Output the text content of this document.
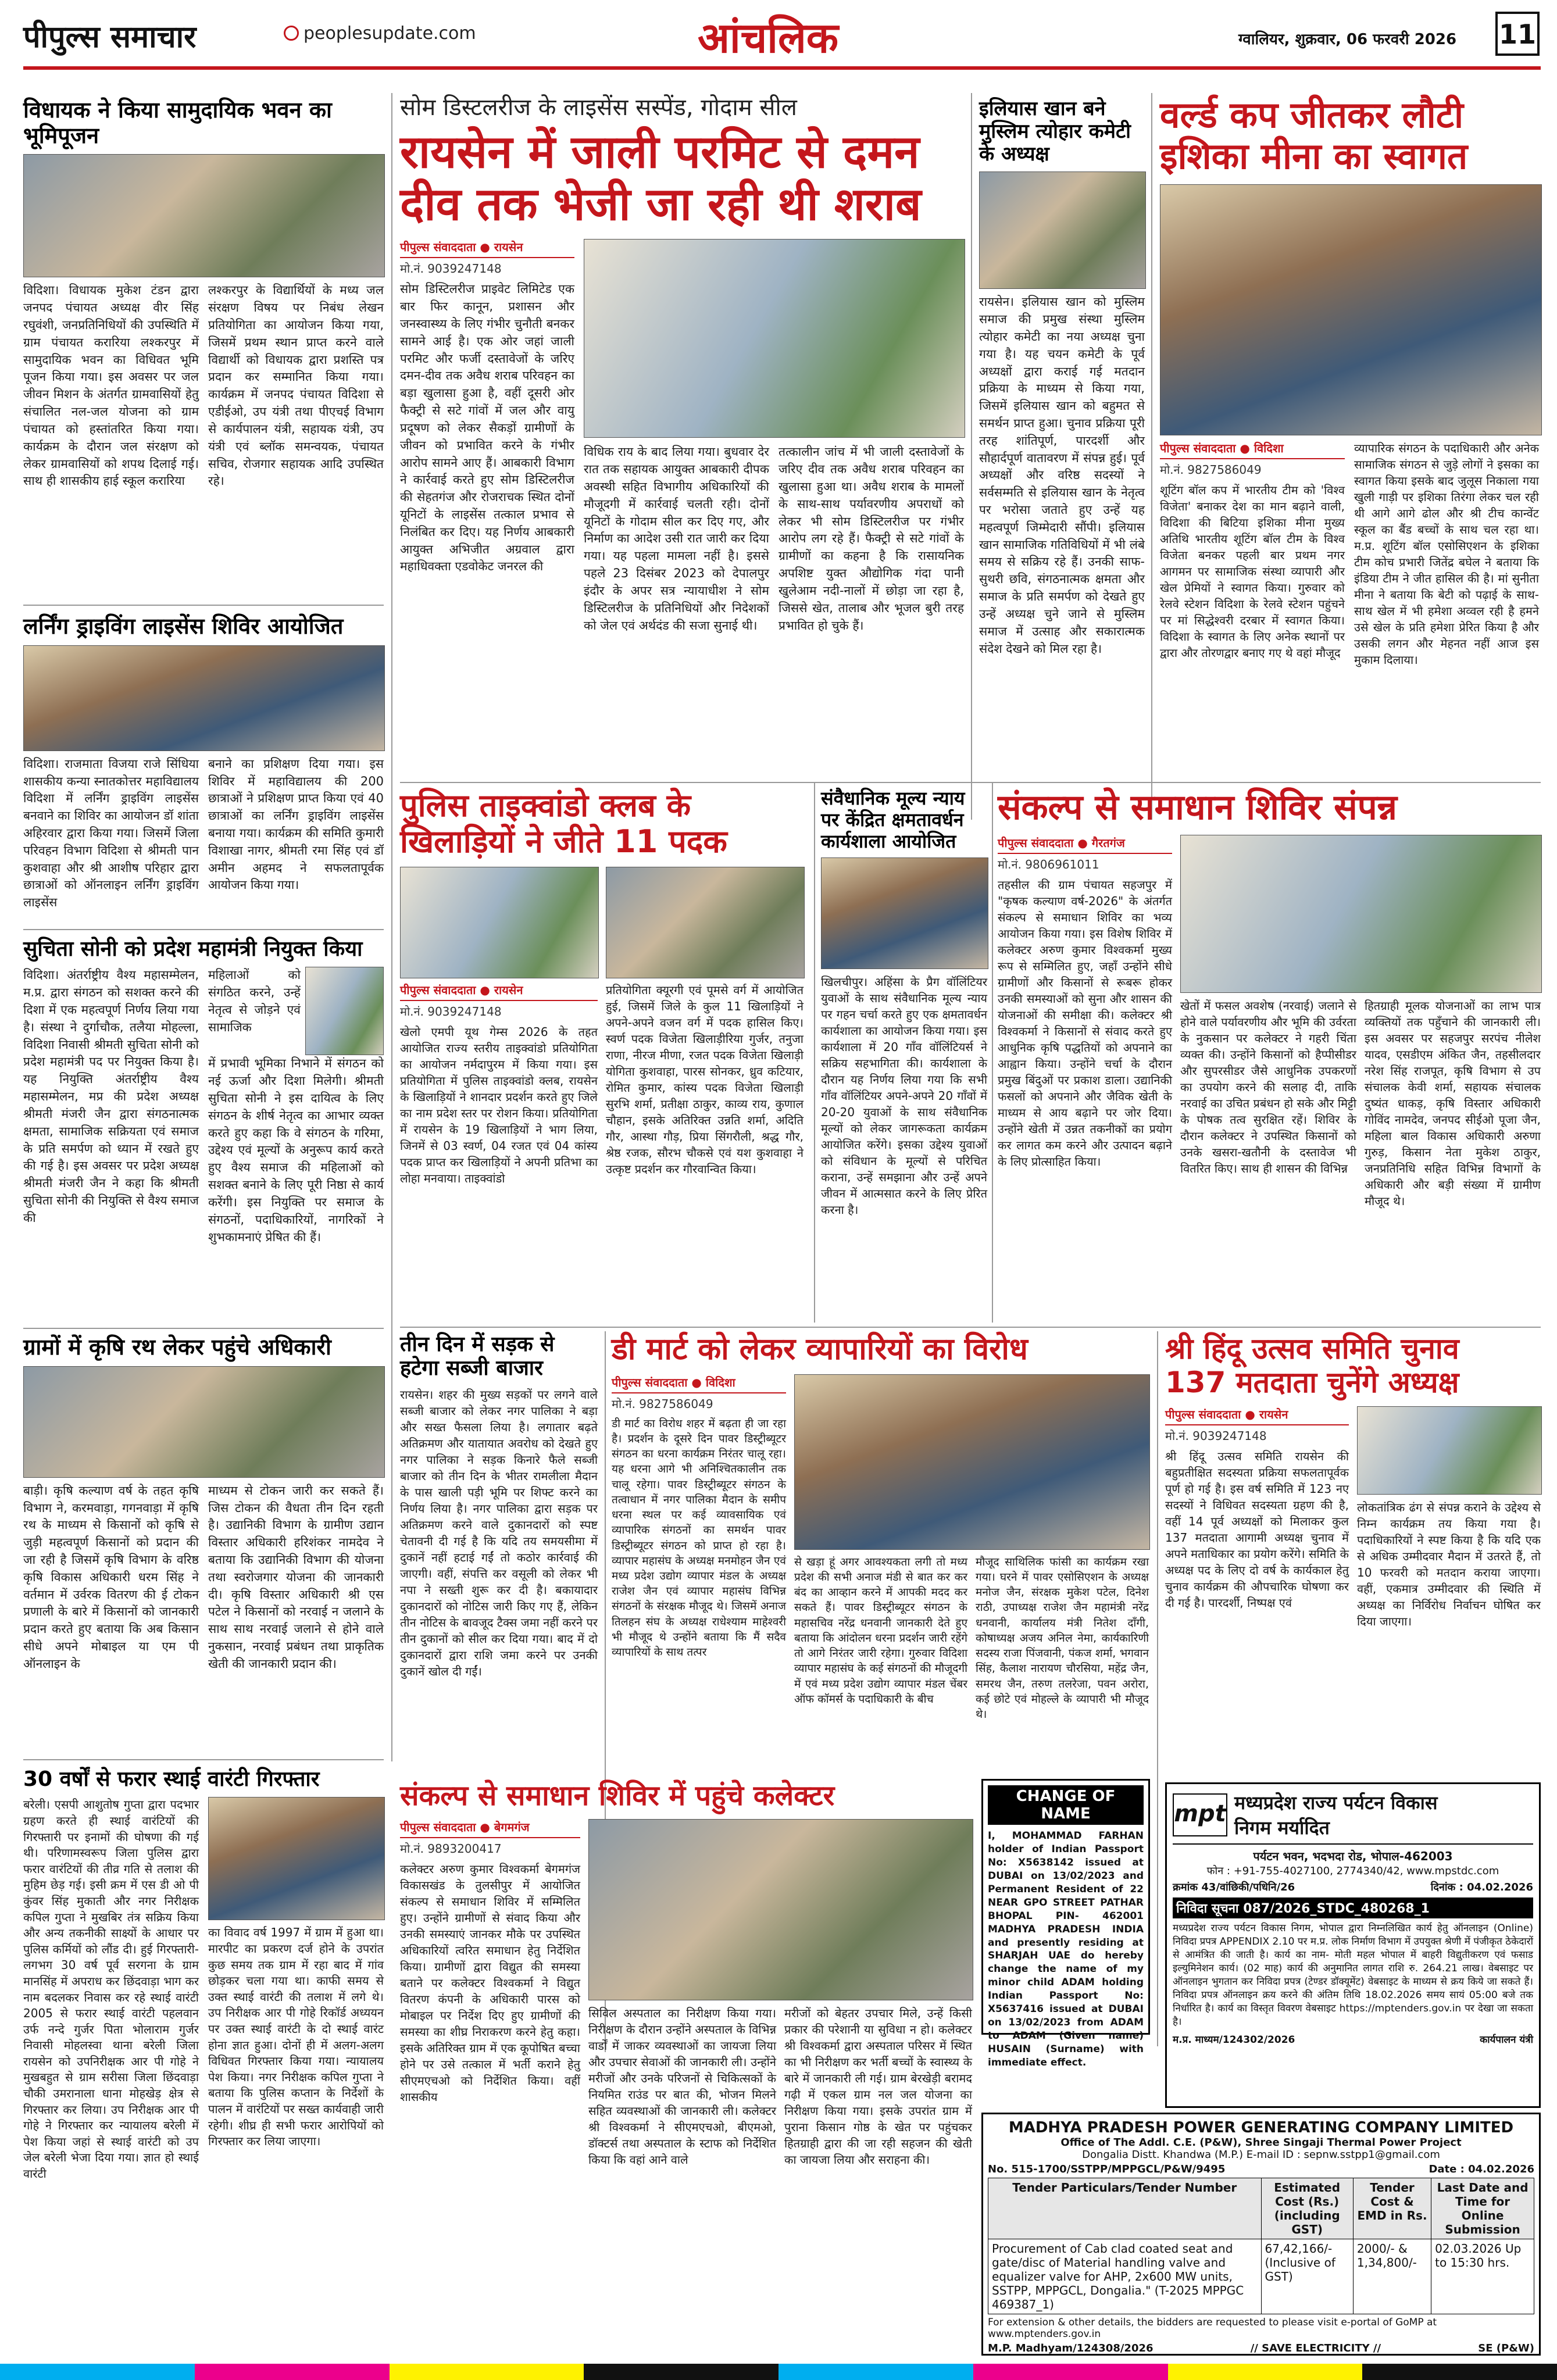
पीपुल्स समाचार	peoplesupdate.com	आंचलिक	ग्वालियर, शुक्रवार, 06 फरवरी 2026 11
विधायक ने किया सामुदायिक भवन का भूमिपूजन
विदिशा। विधायक मुकेश टंडन द्वारा जनपद पंचायत अध्यक्ष वीर सिंह रघुवंशी, जनप्रतिनिधियों की उपस्थिति में ग्राम पंचायत करारिया लश्करपुर में सामुदायिक भवन का विधिवत भूमि पूजन किया गया। इस अवसर पर जल जीवन मिशन के अंतर्गत ग्रामवासियों हेतु संचालित नल-जल योजना को ग्राम पंचायत को हस्तांतरित किया गया। कार्यक्रम के दौरान जल संरक्षण को लेकर ग्रामवासियों को शपथ दिलाई गई। साथ ही शासकीय हाई स्कूल करारिया
लश्करपुर के विद्यार्थियों के मध्य जल संरक्षण विषय पर निबंध लेखन प्रतियोगिता का आयोजन किया गया, जिसमें प्रथम स्थान प्राप्त करने वाले विद्यार्थी को विधायक द्वारा प्रशस्ति पत्र प्रदान कर सम्मानित किया गया। कार्यक्रम में जनपद पंचायत विदिशा से एडीईओ, उप यंत्री तथा पीएचई विभाग से कार्यपालन यंत्री, सहायक यंत्री, उप यंत्री एवं ब्लॉक समन्वयक, पंचायत सचिव, रोजगार सहायक आदि उपस्थित रहे।
लर्निंग ड्राइविंग लाइसेंस शिविर आयोजित
विदिशा। राजमाता विजया राजे सिंधिया शासकीय कन्या स्नातकोत्तर महाविद्यालय विदिशा में लर्निंग ड्राइविंग लाइसेंस बनवाने का शिविर का आयोजन डॉ शांता अहिरवार द्वारा किया गया। जिसमें जिला परिवहन विभाग विदिशा से श्रीमती पान कुशवाहा और श्री आशीष परिहार द्वारा छात्राओं को ऑनलाइन लर्निंग ड्राइविंग लाइसेंस
बनाने का प्रशिक्षण दिया गया। इस शिविर में महाविद्यालय की 200 छात्राओं ने प्रशिक्षण प्राप्त किया एवं 40 छात्राओं का लर्निंग ड्राइविंग लाइसेंस बनाया गया। कार्यक्रम की समिति कुमारी विशाखा नागर, श्रीमती रमा सिंह एवं डॉ अमीन अहमद ने सफलतापूर्वक आयोजन किया गया।
सुचिता सोनी को प्रदेश महामंत्री नियुक्त किया
विदिशा। अंतर्राष्ट्रीय वैश्य महासम्मेलन, म.प्र. द्वारा संगठन को सशक्त करने की दिशा में एक महत्वपूर्ण निर्णय लिया गया है। संस्था ने दुर्गाचौक, तलैया मोहल्ला, विदिशा निवासी श्रीमती सुचिता सोनी को प्रदेश महामंत्री पद पर नियुक्त किया है। यह नियुक्ति अंतर्राष्ट्रीय वैश्य महासम्मेलन, मप्र की प्रदेश अध्यक्ष श्रीमती मंजरी जैन द्वारा संगठनात्मक क्षमता, सामाजिक सक्रियता एवं समाज के प्रति समर्पण को ध्यान में रखते हुए की गई है। इस अवसर पर प्रदेश अध्यक्ष श्रीमती मंजरी जैन ने कहा कि श्रीमती सुचिता सोनी की नियुक्ति से वैश्य समाज की
महिलाओं को संगठित करने, उन्हें नेतृत्व से जोड़ने एवं सामाजिक
में प्रभावी भूमिका निभाने में संगठन को नई ऊर्जा और दिशा मिलेगी। श्रीमती सुचिता सोनी ने इस दायित्व के लिए संगठन के शीर्ष नेतृत्व का आभार व्यक्त करते हुए कहा कि वे संगठन के गरिमा, उद्देश्य एवं मूल्यों के अनुरूप कार्य करते हुए वैश्य समाज की महिलाओं को सशक्त बनाने के लिए पूरी निष्ठा से कार्य करेंगी। इस नियुक्ति पर समाज के संगठनों, पदाधिकारियों, नागरिकों ने शुभकामनाएं प्रेषित की हैं।
ग्रामों में कृषि रथ लेकर पहुंचे अधिकारी
बाड़ी। कृषि कल्याण वर्ष के तहत कृषि विभाग ने, करमवाड़ा, गगनवाड़ा में कृषि रथ के माध्यम से किसानों को कृषि से जुड़ी महत्वपूर्ण किसानों को प्रदान की जा रही है जिसमें कृषि विभाग के वरिष्ठ कृषि विकास अधिकारी धरम सिंह ने वर्तमान में उर्वरक वितरण की ई टोकन प्रणाली के बारे में किसानों को जानकारी प्रदान करते हुए बताया कि अब किसान सीधे अपने मोबाइल या एम पी ऑनलाइन के
माध्यम से टोकन जारी कर सकते हैं। जिस टोकन की वैधता तीन दिन रहती है। उद्यानिकी विभाग के ग्रामीण उद्यान विस्तार अधिकारी हरिशंकर नामदेव ने बताया कि उद्यानिकी विभाग की योजना तथा स्वरोजगार योजना की जानकारी दी। कृषि विस्तार अधिकारी श्री एस पटेल ने किसानों को नरवाई न जलाने के साथ साथ नरवाई जलाने से होने वाले नुकसान, नरवाई प्रबंधन तथा प्राकृतिक खेती की जानकारी प्रदान की।
30 वर्षों से फरार स्थाई वारंटी गिरफ्तार
बरेली। एसपी आशुतोष गुप्ता द्वारा पदभार ग्रहण करते ही स्थाई वारंटियों की गिरफ्तारी पर इनामों की घोषणा की गई थी। परिणामस्वरूप जिला पुलिस द्वारा फरार वारंटियों की तीव्र गति से तलाश की मुहिम छेड़ गई। इसी क्रम में एस डी ओ पी कुंवर सिंह मुकाती और नगर निरीक्षक कपिल गुप्ता ने मुखबिर तंत्र सक्रिय किया और अन्य तकनीकी साक्ष्यों के आधार पर पुलिस कर्मियों को लौंड दी। हुई गिरफ्तारी- लगभग 30 वर्ष पूर्व सरगना के ग्राम मानसिंह में अपराध कर छिंदवाड़ा भाग कर नाम बदलकर निवास कर रहे स्थाई वारंटी 2005 से फरार स्थाई वारंटी पहलवान उर्फ नन्दे गुर्जर पिता भोलाराम गुर्जर निवासी मोहलस्वा थाना बरेली जिला रायसेन को उपनिरीक्षक आर पी गोहे ने मुखबहुत से ग्राम सरीसा जिला छिंदवाड़ा चौकी उमरानाला धाना मोहखेड़ क्षेत्र से गिरफ्तार कर लिया। उप निरीक्षक आर पी गोहे ने गिरफ्तार कर न्यायालय बरेली में पेश किया जहां से स्थाई वारंटी को उप जेल बरेली भेजा दिया गया। ज्ञात हो स्थाई वारंटी
का विवाद वर्ष 1997 में ग्राम में हुआ था। मारपीट का प्रकरण दर्ज होने के उपरांत कुछ समय तक ग्राम में रहा बाद में गांव छोड़कर चला गया था। काफी समय से उक्त स्थाई वारंटी की तलाश में लगे थे। उप निरीक्षक आर पी गोहे रिकॉर्ड अध्ययन पर उक्त स्थाई वारंटी के दो स्थाई वारंट होना ज्ञात हुआ। दोनों ही में अलग-अलग विधिवत गिरफ्तार किया गया। न्यायालय पेश किया। नगर निरीक्षक कपिल गुप्ता ने बताया कि पुलिस कप्तान के निर्देशों के पालन में वारंटियों पर सख्त कार्यवाही जारी रहेगी। शीघ्र ही सभी फरार आरोपियों को गिरफ्तार कर लिया जाएगा।
सोम डिस्टलरीज के लाइसेंस सस्पेंड, गोदाम सील
रायसेन में जाली परमिट से दमन
दीव तक भेजी जा रही थी शराब
पीपुल्स संवाददाता ● रायसेन
मो.नं. 9039247148
सोम डिस्टिलरीज प्राइवेट लिमिटेड एक बार फिर कानून, प्रशासन और जनस्वास्थ्य के लिए गंभीर चुनौती बनकर सामने आई है। एक ओर जहां जाली परमिट और फर्जी दस्तावेजों के जरिए दमन-दीव तक अवैध शराब परिवहन का बड़ा खुलासा हुआ है, वहीं दूसरी ओर फैक्ट्री से सटे गांवों में जल और वायु प्रदूषण को लेकर सैकड़ों ग्रामीणों के जीवन को प्रभावित करने के गंभीर आरोप सामने आए हैं। आबकारी विभाग ने कार्रवाई करते हुए सोम डिस्टिलरीज की सेहतगंज और रोजराचक स्थित दोनों यूनिटों के लाइसेंस तत्काल प्रभाव से निलंबित कर दिए। यह निर्णय आबकारी आयुक्त अभिजीत अग्रवाल द्वारा महाधिवक्ता एडवोकेट जनरल की
विधिक राय के बाद लिया गया। बुधवार देर रात तक सहायक आयुक्त आबकारी दीपक अवस्थी सहित विभागीय अधिकारियों की मौजूदगी में कार्रवाई चलती रही। दोनों यूनिटों के गोदाम सील कर दिए गए, और निर्माण का आदेश उसी रात जारी कर दिया गया। यह पहला मामला नहीं है। इससे पहले 23 दिसंबर 2023 को देपालपुर इंदौर के अपर सत्र न्यायाधीश ने सोम डिस्टिलरीज के प्रतिनिधियों और निदेशकों को जेल एवं अर्थदंड की सजा सुनाई थी।
तत्कालीन जांच में भी जाली दस्तावेजों के जरिए दीव तक अवैध शराब परिवहन का खुलासा हुआ था। अवैध शराब के मामलों के साथ-साथ पर्यावरणीय अपराधों को लेकर भी सोम डिस्टिलरीज पर गंभीर आरोप लग रहे हैं। फैक्ट्री से सटे गांवों के ग्रामीणों का कहना है कि रासायनिक अपशिष्ट युक्त औद्योगिक गंदा पानी खुलेआम नदी-नालों में छोड़ा जा रहा है, जिससे खेत, तालाब और भूजल बुरी तरह प्रभावित हो चुके हैं।
इलियास खान बने मुस्लिम त्योहार कमेटी के अध्यक्ष
रायसेन। इलियास खान को मुस्लिम समाज की प्रमुख संस्था मुस्लिम त्योहार कमेटी का नया अध्यक्ष चुना गया है। यह चयन कमेटी के पूर्व अध्यक्षों द्वारा कराई गई मतदान प्रक्रिया के माध्यम से किया गया, जिसमें इलियास खान को बहुमत से समर्थन प्राप्त हुआ। चुनाव प्रक्रिया पूरी तरह शांतिपूर्ण, पारदर्शी और सौहार्दपूर्ण वातावरण में संपन्न हुई। पूर्व अध्यक्षों और वरिष्ठ सदस्यों ने सर्वसम्मति से इलियास खान के नेतृत्व पर भरोसा जताते हुए उन्हें यह महत्वपूर्ण जिम्मेदारी सौंपी। इलियास खान सामाजिक गतिविधियों में भी लंबे समय से सक्रिय रहे हैं। उनकी साफ-सुथरी छवि, संगठनात्मक क्षमता और समाज के प्रति समर्पण को देखते हुए उन्हें अध्यक्ष चुने जाने से मुस्लिम समाज में उत्साह और सकारात्मक संदेश देखने को मिल रहा है।
वर्ल्ड कप जीतकर लौटी
इशिका मीना का स्वागत
पीपुल्स संवाददाता ● विदिशा
मो.नं. 9827586049
शूटिंग बॉल कप में भारतीय टीम को 'विश्व विजेता' बनाकर देश का मान बढ़ाने वाली, विदिशा की बिटिया इशिका मीना मुख्य अतिथि भारतीय शूटिंग बॉल टीम के विश्व विजेता बनकर पहली बार प्रथम नगर आगमन पर सामाजिक संस्था व्यापारी और खेल प्रेमियों ने स्वागत किया। गुरुवार को रेलवे स्टेशन विदिशा के रेलवे स्टेशन पहुंचने पर मां सिद्धेश्वरी दरबार में स्वागत किया। विदिशा के स्वागत के लिए अनेक स्थानों पर द्वारा और तोरणद्वार बनाए गए थे वहां मौजूद
व्यापारिक संगठन के पदाधिकारी और अनेक सामाजिक संगठन से जुड़े लोगों ने इसका का स्वागत किया इसके बाद जुलूस निकाला गया खुली गाड़ी पर इशिका तिरंगा लेकर चल रही थी आगे आगे ढोल और श्री टीच कान्वेंट स्कूल का बैंड बच्चों के साथ चल रहा था। म.प्र. शूटिंग बॉल एसोसिएशन के इशिका टीम कोच प्रभारी जितेंद्र बघेल ने बताया कि इंडिया टीम ने जीत हासिल की है। मां सुनीता मीना ने बताया कि बेटी को पढ़ाई के साथ-साथ खेल में भी हमेशा अव्वल रही है हमने उसे खेल के प्रति हमेशा प्रेरित किया है और उसकी लगन और मेहनत नहीं आज इस मुकाम दिलाया।
पुलिस ताइक्वांडो क्लब के
खिलाड़ियों ने जीते 11 पदक
पीपुल्स संवाददाता ● रायसेन
मो.नं. 9039247148
खेलो एमपी यूथ गेम्स 2026 के तहत आयोजित राज्य स्तरीय ताइक्वांडो प्रतियोगिता का आयोजन नर्मदापुरम में किया गया। इस प्रतियोगिता में पुलिस ताइक्वांडो क्लब, रायसेन के खिलाड़ियों ने शानदार प्रदर्शन करते हुए जिले का नाम प्रदेश स्तर पर रोशन किया। प्रतियोगिता में रायसेन के 19 खिलाड़ियों ने भाग लिया, जिनमें से 03 स्वर्ण, 04 रजत एवं 04 कांस्य पदक प्राप्त कर खिलाड़ियों ने अपनी प्रतिभा का लोहा मनवाया। ताइक्वांडो
प्रतियोगिता क्यूरगी एवं पूमसे वर्ग में आयोजित हुई, जिसमें जिले के कुल 11 खिलाड़ियों ने अपने-अपने वजन वर्ग में पदक हासिल किए। स्वर्ण पदक विजेता खिलाड़ीरिया गुर्जर, तनुजा राणा, नीरज मीणा, रजत पदक विजेता खिलाड़ी योगिता कुशवाहा, पारस सोनकर, ध्रुव कटियार, रोमित कुमार, कांस्य पदक विजेता खिलाड़ी सुरभि शर्मा, प्रतीक्षा ठाकुर, काव्य राय, कुणाल चौहान, इसके अतिरिक्त उन्नति शर्मा, अदिति गौर, आस्था गौड़, प्रिया सिंगरौली, श्रद्ध गौर, श्रेष्ठ रजक, सौरभ चौकसे एवं यश कुशवाहा ने उत्कृष्ट प्रदर्शन कर गौरवान्वित किया।
संवैधानिक मूल्य न्याय पर केंद्रित क्षमतावर्धन कार्यशाला आयोजित
खिलचीपुर। अहिंसा के प्रैग वॉलिंटियर युवाओं के साथ संवैधानिक मूल्य न्याय पर गहन चर्चा करते हुए एक क्षमतावर्धन कार्यशाला का आयोजन किया गया। इस कार्यशाला में 20 गाँव वॉलिंटियर्स ने सक्रिय सहभागिता की। कार्यशाला के दौरान यह निर्णय लिया गया कि सभी गाँव वॉलिंटियर अपने-अपने 20 गाँवों में 20-20 युवाओं के साथ संवैधानिक मूल्यों को लेकर जागरूकता कार्यक्रम आयोजित करेंगे। इसका उद्देश्य युवाओं को संविधान के मूल्यों से परिचित कराना, उन्हें समझाना और उन्हें अपने जीवन में आत्मसात करने के लिए प्रेरित करना है।
संकल्प से समाधान शिविर संपन्न
पीपुल्स संवाददाता ● गैरतगंज
मो.नं. 9806961011
तहसील की ग्राम पंचायत सहजपुर में "कृषक कल्याण वर्ष-2026" के अंतर्गत संकल्प से समाधान शिविर का भव्य आयोजन किया गया। इस विशेष शिविर में कलेक्टर अरुण कुमार विश्वकर्मा मुख्य रूप से सम्मिलित हुए, जहाँ उन्होंने सीधे ग्रामीणों और किसानों से रूबरू होकर उनकी समस्याओं को सुना और शासन की योजनाओं की समीक्षा की। कलेक्टर श्री विश्वकर्मा ने किसानों से संवाद करते हुए आधुनिक कृषि पद्धतियों को अपनाने का आह्वान किया। उन्होंने चर्चा के दौरान प्रमुख बिंदुओं पर प्रकाश डाला। उद्यानिकी फसलों को अपनाने और जैविक खेती के माध्यम से आय बढ़ाने पर जोर दिया। उन्होंने खेती में उन्नत तकनीकों का प्रयोग कर लागत कम करने और उत्पादन बढ़ाने के लिए प्रोत्साहित किया।
खेतों में फसल अवशेष (नरवाई) जलाने से होने वाले पर्यावरणीय और भूमि की उर्वरता के नुकसान पर कलेक्टर ने गहरी चिंता व्यक्त की। उन्होंने किसानों को हैप्पीसीडर और सुपरसीडर जैसे आधुनिक उपकरणों का उपयोग करने की सलाह दी, ताकि नरवाई का उचित प्रबंधन हो सके और मिट्टी के पोषक तत्व सुरक्षित रहें। शिविर के दौरान कलेक्टर ने उपस्थित किसानों को उनके खसरा-खतौनी के दस्तावेज भी वितरित किए। साथ ही शासन की विभिन्न
हितग्राही मूलक योजनाओं का लाभ पात्र व्यक्तियों तक पहुँचाने की जानकारी ली। इस अवसर पर सहजपुर सरपंच नीलेश यादव, एसडीएम अंकित जैन, तहसीलदार नरेश सिंह राजपूत, कृषि विभाग से उप संचालक केवी शर्मा, सहायक संचालक दुष्यंत धाकड़, कृषि विस्तार अधिकारी गोविंद नामदेव, जनपद सीईओ पूजा जैन, महिला बाल विकास अधिकारी अरुणा गुरुड़, किसान नेता मुकेश ठाकुर, जनप्रतिनिधि सहित विभिन्न विभागों के अधिकारी और बड़ी संख्या में ग्रामीण मौजूद थे।
तीन दिन में सड़क से
हटेगा सब्जी बाजार
रायसेन। शहर की मुख्य सड़कों पर लगने वाले सब्जी बाजार को लेकर नगर पालिका ने बड़ा और सख्त फैसला लिया है। लगातार बढ़ते अतिक्रमण और यातायात अवरोध को देखते हुए नगर पालिका ने सड़क किनारे फैले सब्जी बाजार को तीन दिन के भीतर रामलीला मैदान के पास खाली पड़ी भूमि पर शिफ्ट करने का निर्णय लिया है। नगर पालिका द्वारा सड़क पर अतिक्रमण करने वाले दुकानदारों को स्पष्ट चेतावनी दी गई है कि यदि तय समयसीमा में दुकानें नहीं हटाई गईं तो कठोर कार्रवाई की जाएगी। वहीं, संपत्ति कर वसूली को लेकर भी नपा ने सख्ती शुरू कर दी है। बकायादार दुकानदारों को नोटिस जारी किए गए हैं, लेकिन तीन नोटिस के बावजूद टैक्स जमा नहीं करने पर तीन दुकानों को सील कर दिया गया। बाद में दो दुकानदारों द्वारा राशि जमा करने पर उनकी दुकानें खोल दी गईं।
डी मार्ट को लेकर व्यापारियों का विरोध
पीपुल्स संवाददाता ● विदिशा
मो.नं. 9827586049
डी मार्ट का विरोध शहर में बढ़ता ही जा रहा है। प्रदर्शन के दूसरे दिन पावर डिस्ट्रीब्यूटर संगठन का धरना कार्यक्रम निरंतर चालू रहा। यह धरना आगे भी अनिश्चितकालीन तक चालू रहेगा। पावर डिस्ट्रीब्यूटर संगठन के तत्वाधान में नगर पालिका मैदान के समीप धरना स्थल पर कई व्यावसायिक एवं व्यापारिक संगठनों का समर्थन पावर डिस्ट्रीब्यूटर संगठन को प्राप्त हो रहा है। व्यापार महासंघ के अध्यक्ष मनमोहन जैन एवं मध्य प्रदेश उद्योग व्यापार मंडल के अध्यक्ष राजेश जैन एवं व्यापार महासंघ विभिन्न संगठनों के संरक्षक मौजूद थे। जिसमें अनाज तिलहन संघ के अध्यक्ष राधेश्याम माहेश्वरी भी मौजूद थे उन्होंने बताया कि मैं सदैव व्यापारियों के साथ तत्पर
से खड़ा हूं अगर आवश्यकता लगी तो मध्य प्रदेश की सभी अनाज मंडी से बात कर कर बंद का आव्हान करने में आपकी मदद कर सकते हैं। पावर डिस्ट्रीब्यूटर संगठन के महासचिव नरेंद्र धनवानी जानकारी देते हुए बताया कि आंदोलन धरना प्रदर्शन जारी रहेंगे तो आगे निरंतर जारी रहेगा। गुरुवार विदिशा व्यापार महासंघ के कई संगठनों की मौजूदगी में एवं मध्य प्रदेश उद्योग व्यापार मंडल चेंबर ऑफ कॉमर्स के पदाधिकारी के बीच
मौजूद साथिलिक फांसी का कार्यक्रम रखा गया। घरने में पावर एसोसिएशन के अध्यक्ष मनोज जैन, संरक्षक मुकेश पटेल, दिनेश राठी, उपाध्यक्ष राजेश जैन महामंत्री नरेंद्र धनवानी, कार्यालय मंत्री नितेश दाँगी, कोषाध्यक्ष अजय अनिल नेमा, कार्यकारिणी सदस्य राजा पिंजवानी, पंकज शर्मा, भगवान सिंह, कैलाश नारायण चौरसिया, महेंद्र जैन, समरथ जैन, तरुण तलरेजा, पवन अरोरा, कई छोटे एवं मोहल्ले के व्यापारी भी मौजूद थे।
श्री हिंदू उत्सव समिति चुनाव
137 मतदाता चुनेंगे अध्यक्ष
पीपुल्स संवाददाता ● रायसेन
मो.नं. 9039247148
श्री हिंदू उत्सव समिति रायसेन की बहुप्रतीक्षित सदस्यता प्रक्रिया सफलतापूर्वक पूर्ण हो गई है। इस वर्ष समिति में 123 नए सदस्यों ने विधिवत सदस्यता ग्रहण की है, वहीं 14 पूर्व अध्यक्षों को मिलाकर कुल 137 मतदाता आगामी अध्यक्ष चुनाव में अपने मताधिकार का प्रयोग करेंगे। समिति के अध्यक्ष पद के लिए दो वर्ष के कार्यकाल हेतु चुनाव कार्यक्रम की औपचारिक घोषणा कर दी गई है। पारदर्शी, निष्पक्ष एवं
लोकतांत्रिक ढंग से संपन्न कराने के उद्देश्य से निम्न कार्यक्रम तय किया गया है। पदाधिकारियों ने स्पष्ट किया है कि यदि एक से अधिक उम्मीदवार मैदान में उतरते हैं, तो 10 फरवरी को मतदान कराया जाएगा। वहीं, एकमात्र उम्मीदवार की स्थिति में अध्यक्ष का निर्विरोध निर्वाचन घोषित कर दिया जाएगा।
संकल्प से समाधान शिविर में पहुंचे कलेक्टर
पीपुल्स संवाददाता ● बेगमगंज
मो.नं. 9893200417
कलेक्टर अरुण कुमार विश्वकर्मा बेगमगंज विकासखंड के तुलसीपुर में आयोजित संकल्प से समाधान शिविर में सम्मिलित हुए। उन्होंने ग्रामीणों से संवाद किया और उनकी समस्याएं जानकर मौके पर उपस्थित अधिकारियों त्वरित समाधान हेतु निर्देशित किया। ग्रामीणों द्वारा विद्युत की समस्या बताने पर कलेक्टर विश्वकर्मा ने विद्युत वितरण कंपनी के अधिकारी पारस को मोबाइल पर निर्देश दिए हुए ग्रामीणों की समस्या का शीघ्र निराकरण करने हेतु कहा। इसके अतिरिक्त ग्राम में एक कूपोषित बच्चा होने पर उसे तत्काल में भर्ती कराने हेतु सीएमएचओ को निर्देशित किया। वहीं शासकीय
सिविल अस्पताल का निरीक्षण किया गया। निरीक्षण के दौरान उन्होंने अस्पताल के विभिन्न वार्डों में जाकर व्यवस्थाओं का जायजा लिया और उपचार सेवाओं की जानकारी ली। उन्होंने मरीजों और उनके परिजनों से चिकित्सकों के नियमित राउंड पर बात की, भोजन मिलने सहित व्यवस्थाओं की जानकारी ली। कलेक्टर श्री विश्वकर्मा ने सीएमएचओ, बीएमओ, डॉक्टर्स तथा अस्पताल के स्टाफ को निर्देशित किया कि वहां आने वाले
मरीजों को बेहतर उपचार मिले, उन्हें किसी प्रकार की परेशानी या सुविधा न हो। कलेक्टर श्री विश्वकर्मा द्वारा अस्पताल परिसर में स्थित का भी निरीक्षण कर भर्ती बच्चों के स्वास्थ्य के बारे में जानकारी ली गई। ग्राम बेरखेड़ी बरामद गढ़ी में एकल ग्राम नल जल योजना का निरीक्षण किया गया। इसके उपरांत ग्राम में पुराना किसान गोष्ठ के खेत पर पहुंचकर हितग्राही द्वारा की जा रही सहजन की खेती का जायजा लिया और सराहना की।
CHANGE OF NAME
I, MOHAMMAD FARHAN holder of Indian Passport No: X5638142 issued at DUBAI on 13/02/2023 and Permanent Resident of 22 NEAR GPO STREET PATHAR BHOPAL PIN- 462001 MADHYA PRADESH INDIA and presently residing at SHARJAH UAE do hereby change the name of my minor child ADAM holding Indian Passport No: X5637416 issued at DUBAI on 13/02/2023 from ADAM to ADAM (Given name) HUSAIN (Surname) with immediate effect.
mpt मध्यप्रदेश राज्य पर्यटन विकास
निगम मर्यादित
पर्यटन भवन, भदभदा रोड, भोपाल-462003
फोन : +91-755-4027100, 2774340/42, www.mpstdc.com
क्रमांक 43/वांछिकी/पधिनि/26	दिनांक : 04.02.2026
निविदा सूचना 087/2026_STDC_480268_1
मध्यप्रदेश राज्य पर्यटन विकास निगम, भोपाल द्वारा निम्नलिखित कार्य हेतु ऑनलाइन (Online) निविदा प्रपत्र APPENDIX 2.10 पर म.प्र. लोक निर्माण विभाग में उपयुक्त श्रेणी में पंजीकृत ठेकेदारों से आमंत्रित की जाती है। कार्य का नाम- मोती महल भोपाल में बाहरी विद्युतीकरण एवं फसाड इल्युमिनेशन कार्य। (02 माह) कार्य की अनुमानित लागत राशि रु. 264.21 लाख। वेबसाइट पर ऑनलाइन भुगतान कर निविदा प्रपत्र (टेण्डर डॉक्यूमेंट) वेबसाइट के माध्यम से क्रय किये जा सकते हैं। निविदा प्रपत्र ऑनलाइन क्रय करने की अंतिम तिथि 18.02.2026 समय सायं 05:00 बजे तक निर्धारित है। कार्य का विस्तृत विवरण वेबसाइट https://mptenders.gov.in पर देखा जा सकता है।
म.प्र. माध्यम/124302/2026	कार्यपालन यंत्री
MADHYA PRADESH POWER GENERATING COMPANY LIMITED
Office of The Addl. C.E. (P&W), Shree Singaji Thermal Power Project
Dongalia Distt. Khandwa (M.P.) E-mail ID : sepnw.sstpp1@gmail.com
No. 515-1700/SSTPP/MPPGCL/P&W/9495	Date : 04.02.2026
Tender Particulars/Tender Number	Estimated Cost (Rs.) (including GST)	Tender Cost & EMD in Rs.	Last Date and Time for Online Submission
Procurement of Cab clad coated seat and gate/disc of Material handling valve and equalizer valve for AHP, 2x600 MW units, SSTPP, MPPGCL, Dongalia." (T-2025 MPPGC 469387_1)	67,42,166/- (Inclusive of GST)	2000/- & 1,34,800/-	02.03.2026 Up to 15:30 hrs.
For extension & other details, the bidders are requested to please visit e-portal of GoMP at www.mptenders.gov.in
M.P. Madhyam/124308/2026	// SAVE ELECTRICITY //	SE (P&W)
